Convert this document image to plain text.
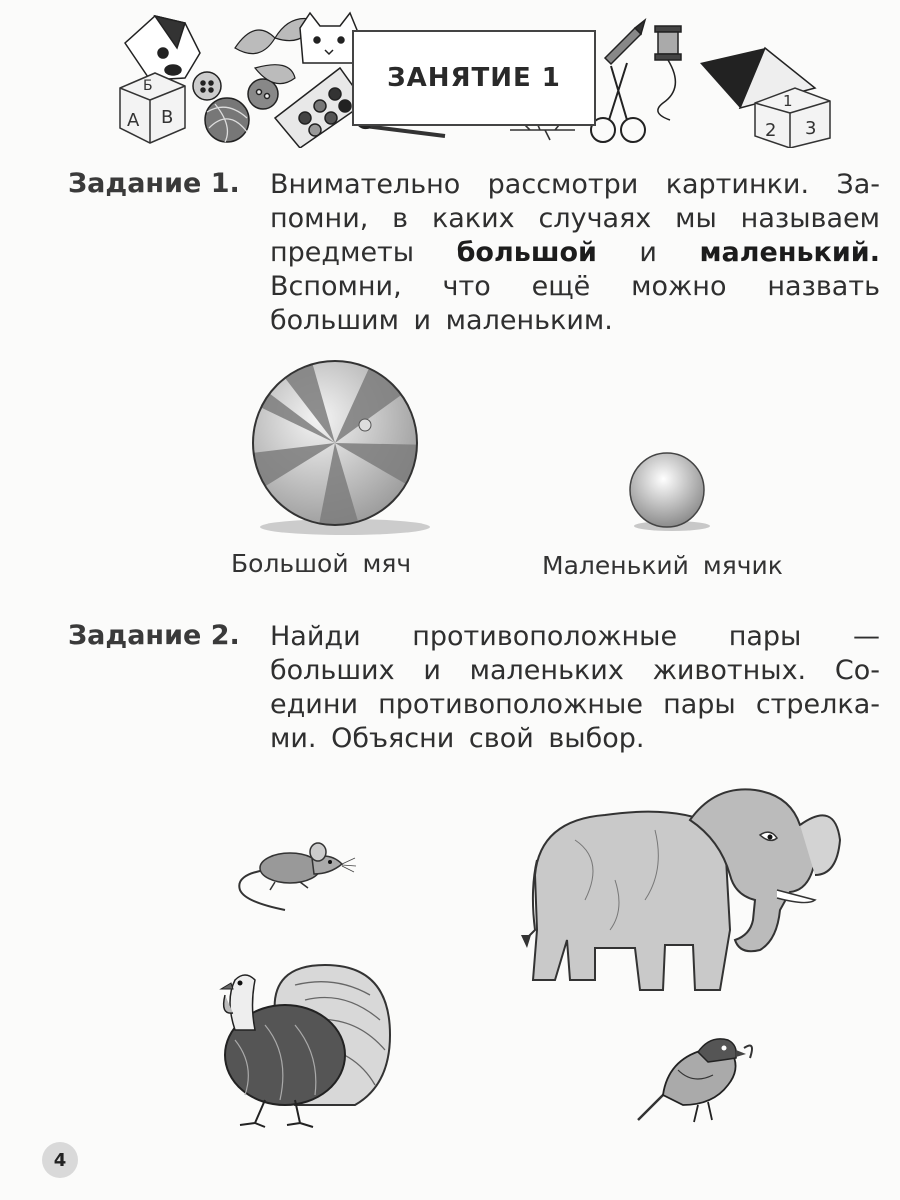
Б
А В
1
2 3
ЗАНЯТИЕ 1
Задание 1. Внимательно рассмотри картинки. За-
помни, в каких случаях мы называем
предметы большой и маленький.
Вспомни, что ещё можно назвать
большим и маленьким.
Большой мяч	Маленький мячик
Задание 2. Найди противоположные пары —
больших и маленьких животных. Со-
едини противоположные пары стрелка-
ми. Объясни свой выбор.
4
